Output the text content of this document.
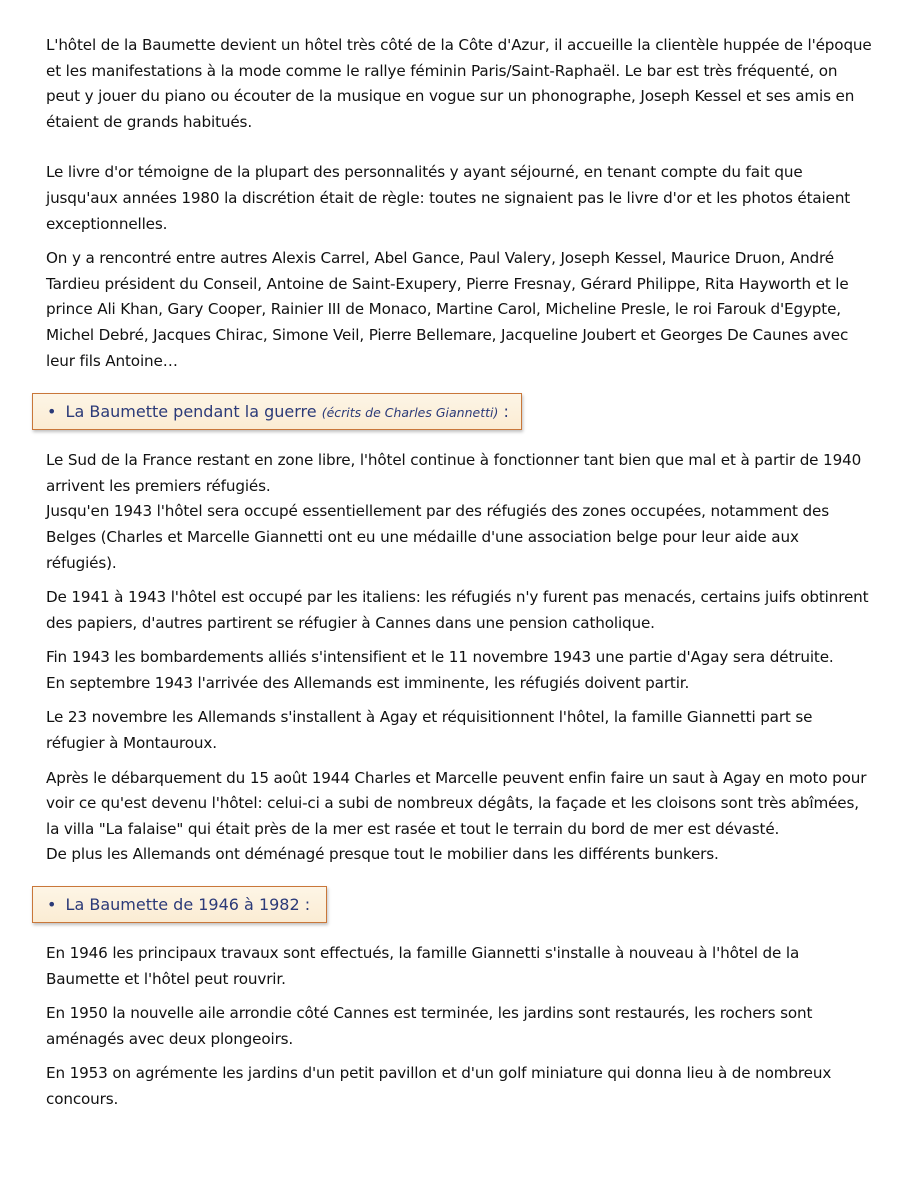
L'hôtel de la Baumette devient un hôtel très côté de la Côte d'Azur, il accueille la clientèle huppée de l'époque et les manifestations à la mode comme le rallye féminin Paris/Saint-Raphaël. Le bar est très fréquenté, on peut y jouer du piano ou écouter de la musique en vogue sur un phonographe, Joseph Kessel et ses amis en étaient de grands habitués.

Le livre d'or témoigne de la plupart des personnalités y ayant séjourné, en tenant compte du fait que jusqu'aux années 1980 la discrétion était de règle: toutes ne signaient pas le livre d'or et les photos étaient exceptionnelles.

On y a rencontré entre autres Alexis Carrel, Abel Gance, Paul Valery, Joseph Kessel, Maurice Druon, André Tardieu président du Conseil, Antoine de Saint-Exupery, Pierre Fresnay, Gérard Philippe, Rita Hayworth et le prince Ali Khan, Gary Cooper, Rainier III de Monaco, Martine Carol, Micheline Presle, le roi Farouk d'Egypte, Michel Debré, Jacques Chirac, Simone Veil, Pierre Bellemare, Jacqueline Joubert et Georges De Caunes avec leur fils Antoine…

• La Baumette pendant la guerre (écrits de Charles Giannetti) :

Le Sud de la France restant en zone libre, l'hôtel continue à fonctionner tant bien que mal et à partir de 1940 arrivent les premiers réfugiés.

Jusqu'en 1943 l'hôtel sera occupé essentiellement par des réfugiés des zones occupées, notamment des Belges (Charles et Marcelle Giannetti ont eu une médaille d'une association belge pour leur aide aux réfugiés).

De 1941 à 1943 l'hôtel est occupé par les italiens: les réfugiés n'y furent pas menacés, certains juifs obtinrent des papiers, d'autres partirent se réfugier à Cannes dans une pension catholique.

Fin 1943 les bombardements alliés s'intensifient et le 11 novembre 1943 une partie d'Agay sera détruite.

En septembre 1943 l'arrivée des Allemands est imminente, les réfugiés doivent partir.

Le 23 novembre les Allemands s'installent à Agay et réquisitionnent l'hôtel, la famille Giannetti part se réfugier à Montauroux.

Après le débarquement du 15 août 1944 Charles et Marcelle peuvent enfin faire un saut à Agay en moto pour voir ce qu'est devenu l'hôtel: celui-ci a subi de nombreux dégâts, la façade et les cloisons sont très abîmées, la villa "La falaise" qui était près de la mer est rasée et tout le terrain du bord de mer est dévasté.

De plus les Allemands ont déménagé presque tout le mobilier dans les différents bunkers.

• La Baumette de 1946 à 1982 :

En 1946 les principaux travaux sont effectués, la famille Giannetti s'installe à nouveau à l'hôtel de la Baumette et l'hôtel peut rouvrir.

En 1950 la nouvelle aile arrondie côté Cannes est terminée, les jardins sont restaurés, les rochers sont aménagés avec deux plongeoirs.

En 1953 on agrémente les jardins d'un petit pavillon et d'un golf miniature qui donna lieu à de nombreux concours.
